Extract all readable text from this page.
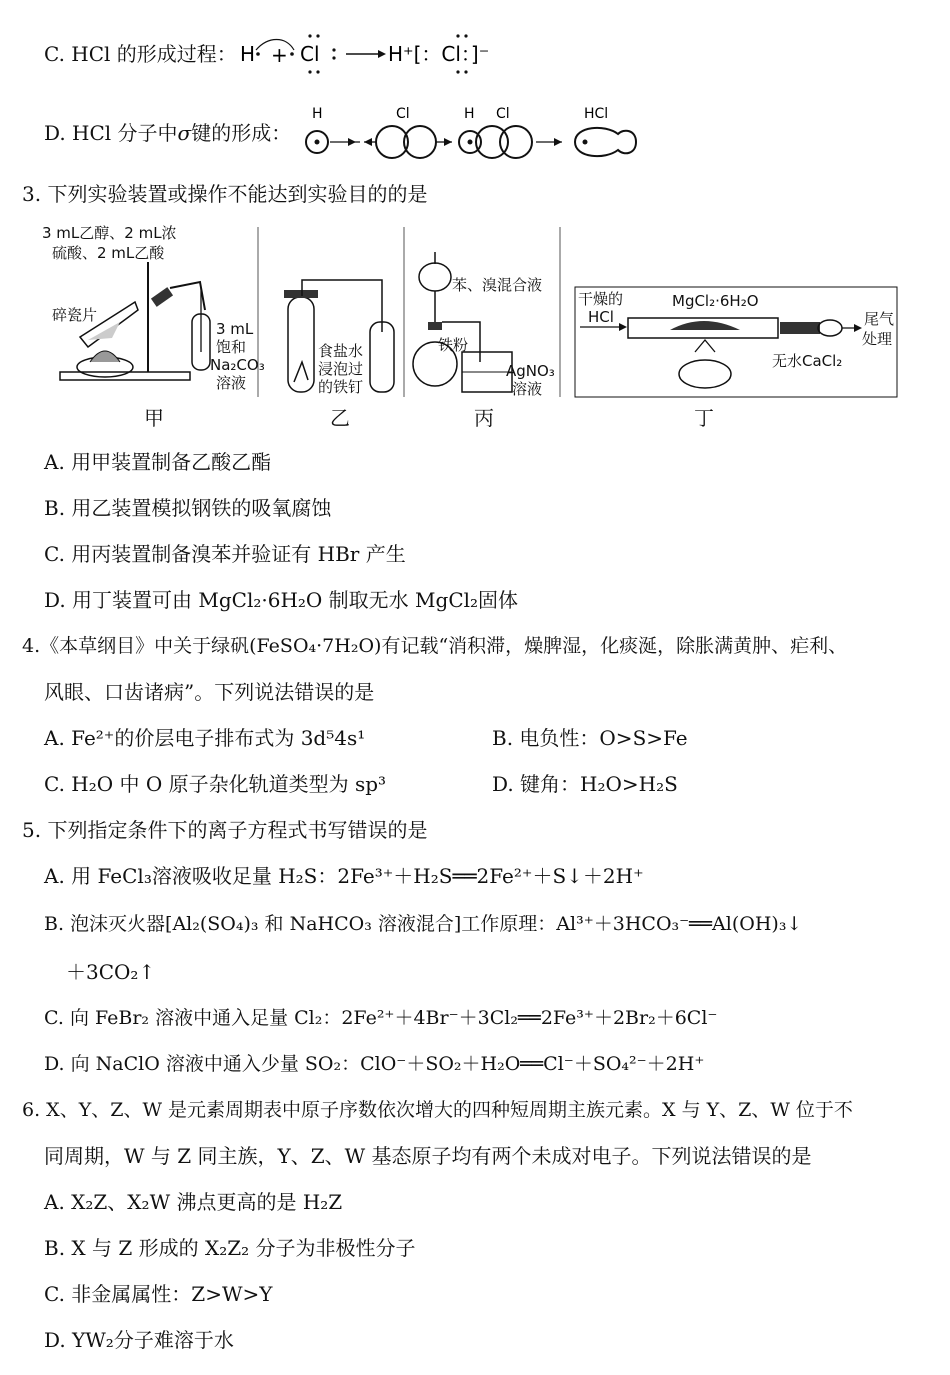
C. HCl 的形成过程： H + Cl	H⁺[：Cl：]⁻
D. HCl 分子中σ键的形成：
H	Cl	H Cl	HCl
3. 下列实验装置或操作不能达到实验目的的是
3 mL乙醇、2 mL浓
硫酸、2 mL乙酸
碎瓷片
3 mL
饱和
Na₂CO₃
溶液
甲
食盐水
浸泡过
的铁钉
乙
苯、溴混合液
铁粉
AgNO₃
溶液
丙
干燥的
HCl
MgCl₂·6H₂O
无水CaCl₂
尾气
处理
丁
A. 用甲装置制备乙酸乙酯
B. 用乙装置模拟钢铁的吸氧腐蚀
C. 用丙装置制备溴苯并验证有 HBr 产生
D. 用丁装置可由 MgCl₂·6H₂O 制取无水 MgCl₂固体
4.《本草纲目》中关于绿矾(FeSO₄·7H₂O)有记载“消积滞，燥脾湿，化痰涎，除胀满黄肿、疟利、
风眼、口齿诸病”。下列说法错误的是
A. Fe²⁺的价层电子排布式为 3d⁵4s¹	B. 电负性：O>S>Fe
C. H₂O 中 O 原子杂化轨道类型为 sp³	D. 键角：H₂O>H₂S
5. 下列指定条件下的离子方程式书写错误的是
A. 用 FeCl₃溶液吸收足量 H₂S：2Fe³⁺＋H₂S══2Fe²⁺＋S↓＋2H⁺
B. 泡沫灭火器[Al₂(SO₄)₃ 和 NaHCO₃ 溶液混合]工作原理：Al³⁺＋3HCO₃⁻══Al(OH)₃↓
＋3CO₂↑
C. 向 FeBr₂ 溶液中通入足量 Cl₂：2Fe²⁺＋4Br⁻＋3Cl₂══2Fe³⁺＋2Br₂＋6Cl⁻
D. 向 NaClO 溶液中通入少量 SO₂：ClO⁻＋SO₂＋H₂O══Cl⁻＋SO₄²⁻＋2H⁺
6. X、Y、Z、W 是元素周期表中原子序数依次增大的四种短周期主族元素。X 与 Y、Z、W 位于不
同周期，W 与 Z 同主族，Y、Z、W 基态原子均有两个未成对电子。下列说法错误的是
A. X₂Z、X₂W 沸点更高的是 H₂Z
B. X 与 Z 形成的 X₂Z₂ 分子为非极性分子
C. 非金属属性：Z>W>Y
D. YW₂分子难溶于水
